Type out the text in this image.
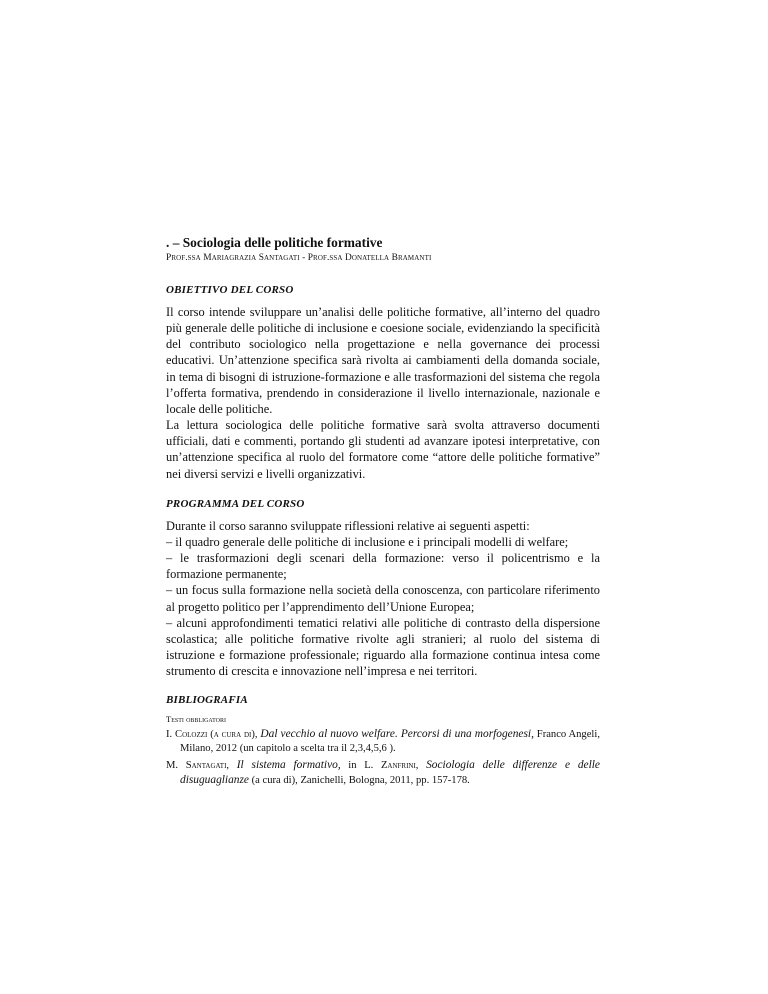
. – Sociologia delle politiche formative

Prof.ssa Mariagrazia Santagati - Prof.ssa Donatella Bramanti

OBIETTIVO DEL CORSO

Il corso intende sviluppare un’analisi delle politiche formative, all’interno del quadro più generale delle politiche di inclusione e coesione sociale, evidenziando la specificità del contributo sociologico nella progettazione e nella governance dei processi educativi. Un’attenzione specifica sarà rivolta ai cambiamenti della domanda sociale, in tema di bisogni di istruzione-formazione e alle trasformazioni del sistema che regola l’offerta formativa, prendendo in considerazione il livello internazionale, nazionale e locale delle politiche.

La lettura sociologica delle politiche formative sarà svolta attraverso documenti ufficiali, dati e commenti, portando gli studenti ad avanzare ipotesi interpretative, con un’attenzione specifica al ruolo del formatore come “attore delle politiche formative” nei diversi servizi e livelli organizzativi.

PROGRAMMA DEL CORSO

Durante il corso saranno sviluppate riflessioni relative ai seguenti aspetti:

– il quadro generale delle politiche di inclusione e i principali modelli di welfare;

– le trasformazioni degli scenari della formazione: verso il policentrismo e la formazione permanente;

– un focus sulla formazione nella società della conoscenza, con particolare riferimento al progetto politico per l’apprendimento dell’Unione Europea;

– alcuni approfondimenti tematici relativi alle politiche di contrasto della dispersione scolastica; alle politiche formative rivolte agli stranieri; al ruolo del sistema di istruzione e formazione professionale; riguardo alla formazione continua intesa come strumento di crescita e innovazione nell’impresa e nei territori.

BIBLIOGRAFIA

Testi obbligatori

I. Colozzi (a cura di), Dal vecchio al nuovo welfare. Percorsi di una morfogenesi, Franco Angeli, Milano, 2012 (un capitolo a scelta tra il 2,3,4,5,6 ).

M. Santagati, Il sistema formativo, in L. Zanfrini, Sociologia delle differenze e delle disuguaglianze (a cura di), Zanichelli, Bologna, 2011, pp. 157-178.
